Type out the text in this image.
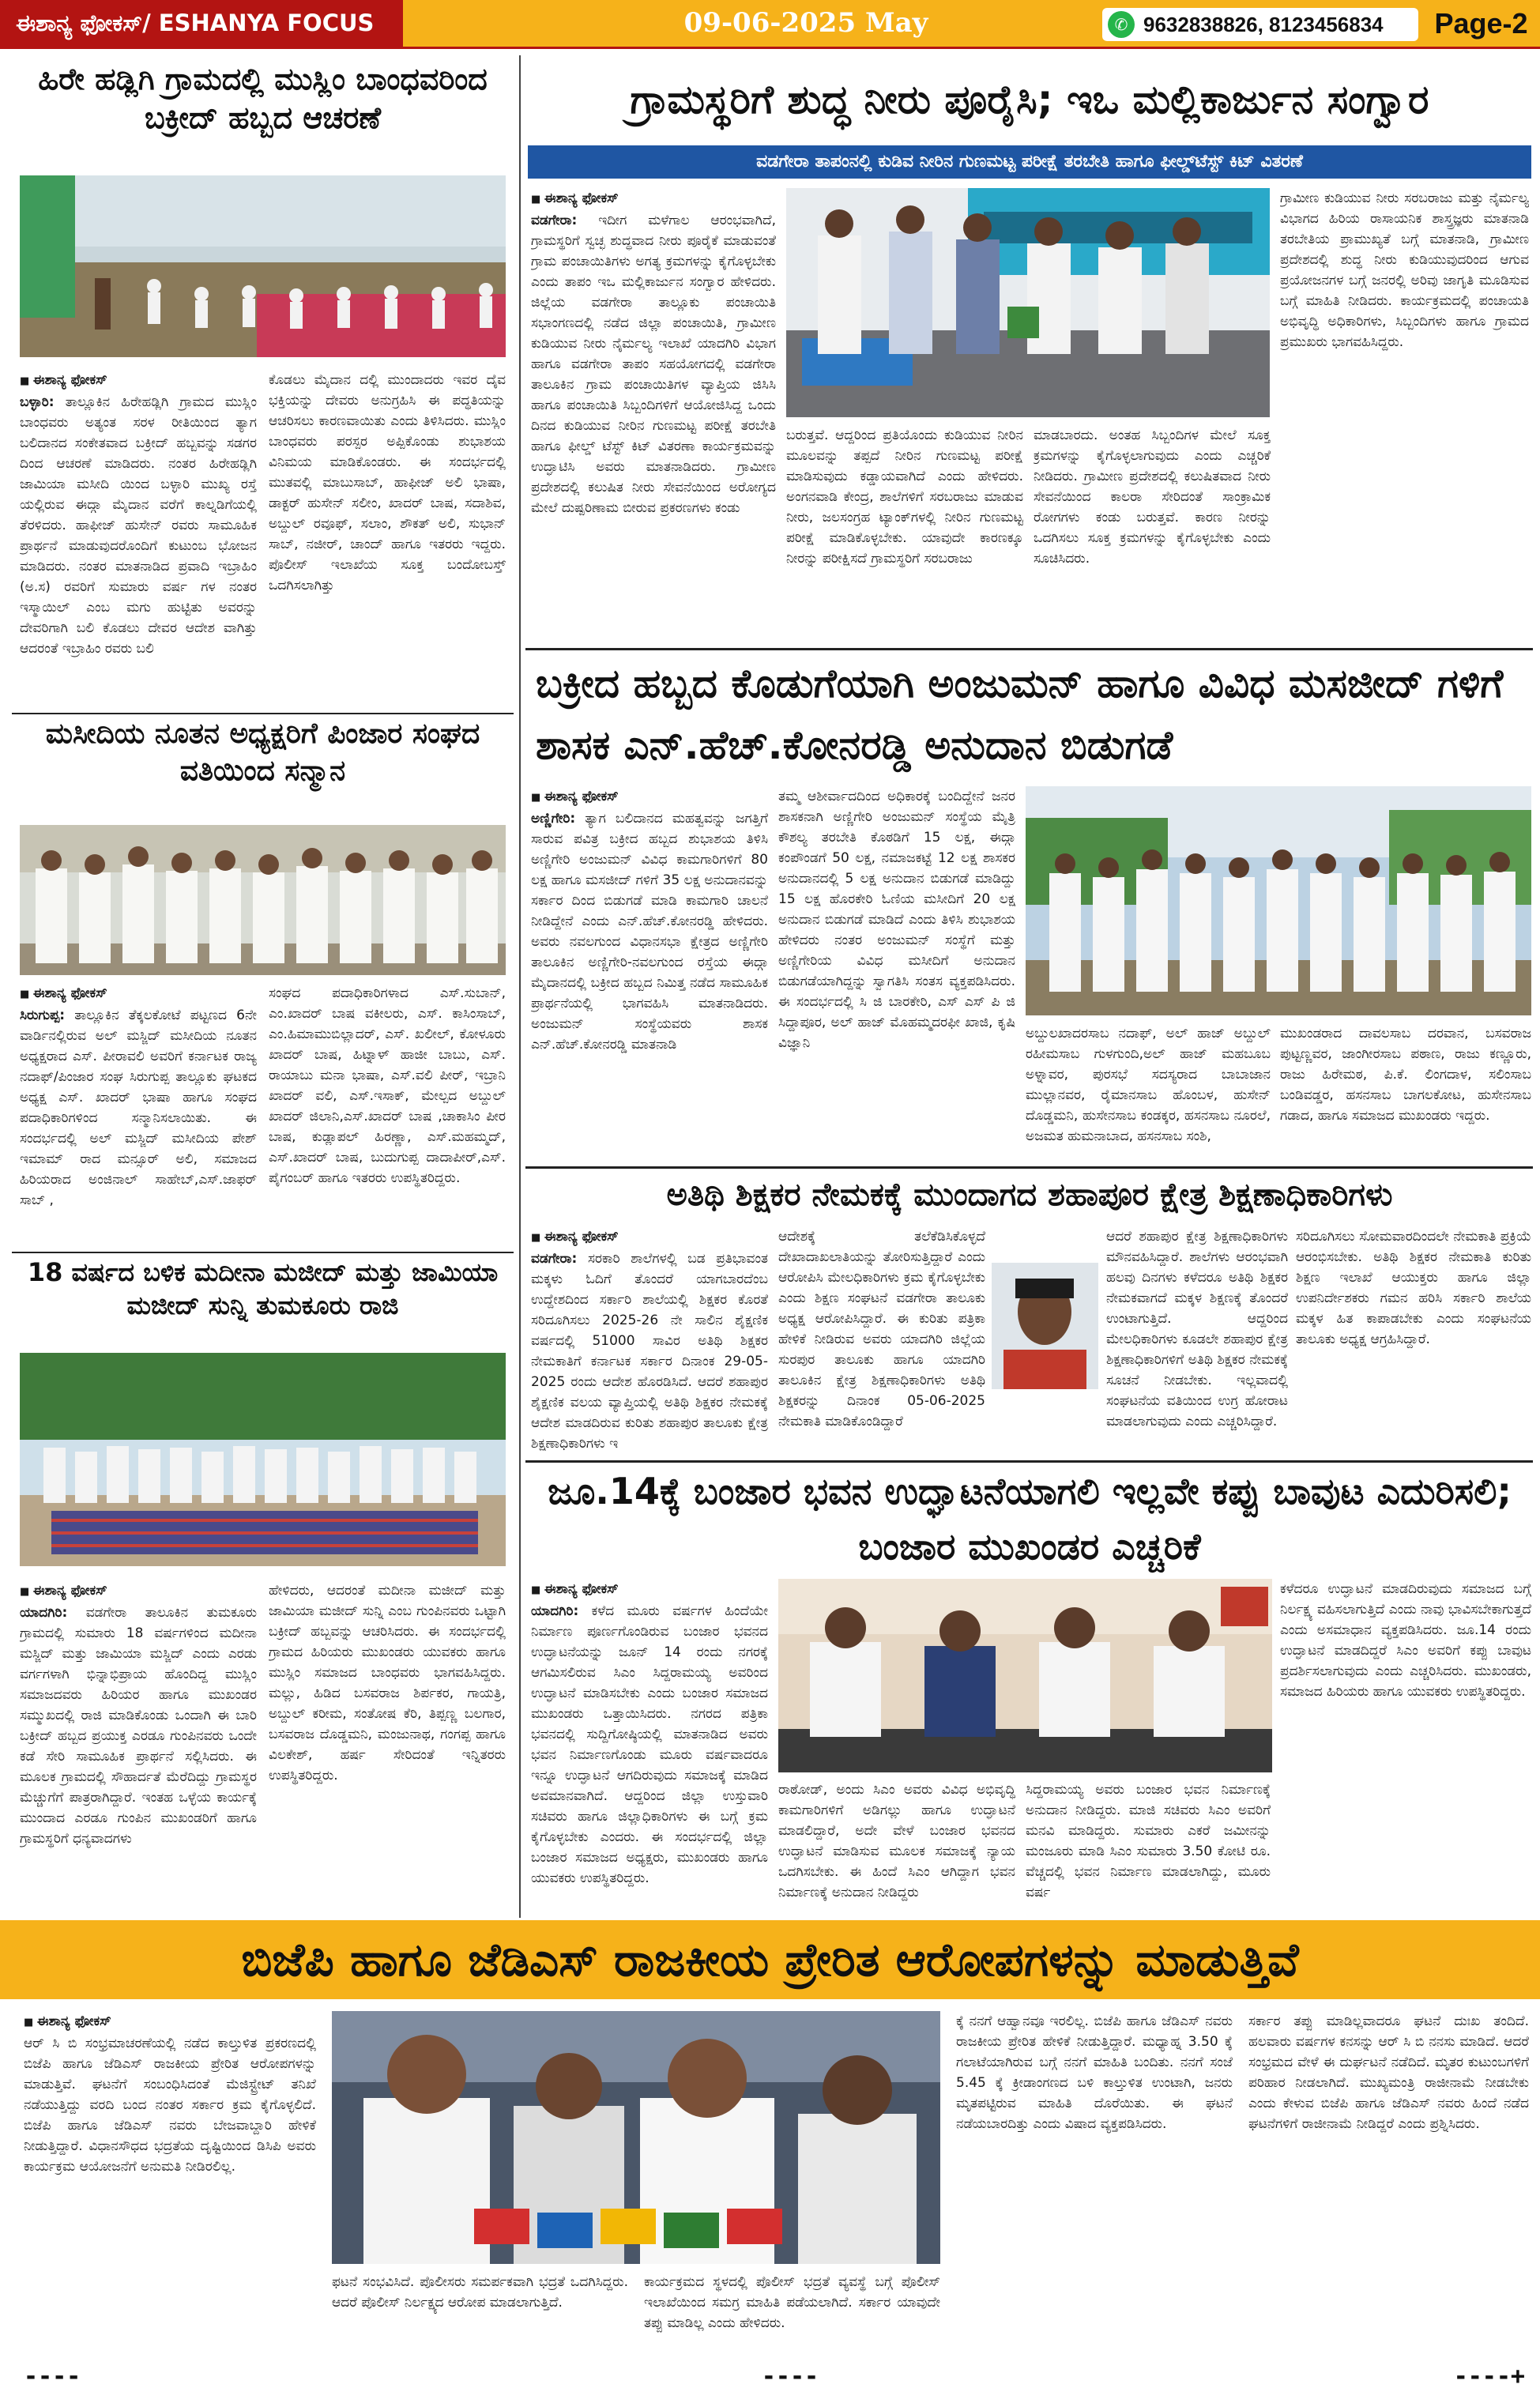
ಈಶಾನ್ಯ ಫೋಕಸ್/ ESHANYA FOCUS	09-06-2025 May	9632838826, 8123456834
✆	Page-2
ಹಿರೇ ಹಡ್ಲಿಗಿ ಗ್ರಾಮದಲ್ಲಿ ಮುಸ್ಲಿಂ ಬಾಂಧವರಿಂದ ಬಕ್ರೀದ್ ಹಬ್ಬದ ಆಚರಣೆ
■ ಈಶಾನ್ಯ ಫೋಕಸ್
ಬಳ್ಳಾರಿ: ತಾಲ್ಲೂಕಿನ ಹಿರೇಹಡ್ಲಿಗಿ ಗ್ರಾಮದ ಮುಸ್ಲಿಂ ಬಾಂಧವರು ಅತ್ಯಂತ ಸರಳ ರೀತಿಯಿಂದ ತ್ಯಾಗ ಬಲಿದಾನದ ಸಂಕೇತವಾದ ಬಕ್ರೀದ್ ಹಬ್ಬವನ್ನು ಸಡಗರ ದಿಂದ ಆಚರಣೆ ಮಾಡಿದರು. ನಂತರ ಹಿರೇಹಡ್ಲಿಗಿ ಜಾಮಿಯಾ ಮಸೀದಿ ಯಿಂದ ಬಳ್ಳಾರಿ ಮುಖ್ಯ ರಸ್ತೆ ಯಲ್ಲಿರುವ ಈದ್ಗಾ ಮೈದಾನ ವರೆಗೆ ಕಾಲ್ನಡಿಗೆಯಲ್ಲಿ ತೆರಳಿದರು. ಹಾಫೀಜ್ ಹುಸೇನ್ ರವರು ಸಾಮೂಹಿಕ ಪ್ರಾರ್ಥನೆ ಮಾಡುವುದರೊಂದಿಗೆ ಕುಟುಂಬ ಭೋಜನ ಮಾಡಿದರು. ನಂತರ ಮಾತನಾಡಿದ ಪ್ರವಾದಿ ಇಬ್ರಾಹಿಂ (ಅ.ಸ) ರವರಿಗೆ ಸುಮಾರು ವರ್ಷ ಗಳ ನಂತರ ಇಸ್ಮಾಯಿಲ್ ಎಂಬ ಮಗು ಹುಟ್ಟಿತು ಅವರನ್ನು ದೇವರಿಗಾಗಿ ಬಲಿ ಕೊಡಲು ದೇವರ ಆದೇಶ ವಾಗಿತ್ತು ಆದರಂತೆ ಇಬ್ರಾಹಿಂ ರವರು ಬಲಿ
ಕೊಡಲು ಮೈದಾನ ದಲ್ಲಿ ಮುಂದಾದರು ಇವರ ದೈವ ಭಕ್ತಿಯನ್ನು ದೇವರು ಅನುಗ್ರಹಿಸಿ ಈ ಪದ್ಧತಿಯನ್ನು ಆಚರಿಸಲು ಕಾರಣವಾಯಿತು ಎಂದು ತಿಳಿಸಿದರು. ಮುಸ್ಲಿಂ ಬಾಂಧವರು ಪರಸ್ಪರ ಅಪ್ಪಿಕೊಂಡು ಶುಭಾಶಯ ವಿನಿಮಯ ಮಾಡಿಕೊಂಡರು. ಈ ಸಂದರ್ಭದಲ್ಲಿ ಮುತವಲ್ಲಿ ಮಾಬುಸಾಬ್, ಹಾಫೀಜ್ ಅಲಿ ಭಾಷಾ, ಡಾಕ್ಟರ್ ಹುಸೇನ್ ಸಲೀಂ, ಖಾದರ್ ಬಾಷ, ಸದಾಶಿವ, ಅಬ್ದುಲ್ ರವೂಫ್, ಸಲಾಂ, ಶೌಕತ್ ಅಲಿ, ಸುಭಾನ್ ಸಾಬ್, ನಜೀರ್, ಚಾಂದ್ ಹಾಗೂ ಇತರರು ಇದ್ದರು. ಪೊಲೀಸ್ ಇಲಾಖೆಯ ಸೂಕ್ತ ಬಂದೋಬಸ್ತ್ ಒದಗಿಸಲಾಗಿತ್ತು
ಮಸೀದಿಯ ನೂತನ ಅಧ್ಯಕ್ಷರಿಗೆ ಪಿಂಜಾರ ಸಂಘದ ವತಿಯಿಂದ ಸನ್ಮಾನ
■ ಈಶಾನ್ಯ ಫೋಕಸ್
ಸಿರುಗುಪ್ಪ: ತಾಲ್ಲೂಕಿನ ತೆಕ್ಕಲಕೋಟೆ ಪಟ್ಟಣದ 6ನೇ ವಾರ್ಡಿನಲ್ಲಿರುವ ಅಲ್ ಮಸ್ಜಿದ್ ಮಸೀದಿಯ ನೂತನ ಅಧ್ಯಕ್ಷರಾದ ಎಸ್. ಪೀರಾವಲಿ ಅವರಿಗೆ ಕರ್ನಾಟಕ ರಾಜ್ಯ ನದಾಫ್/ಪಿಂಜಾರ ಸಂಘ ಸಿರುಗುಪ್ಪ ತಾಲ್ಲೂಕು ಘಟಕದ ಅಧ್ಯಕ್ಷ ಎಸ್. ಖಾದರ್ ಭಾಷಾ ಹಾಗೂ ಸಂಘದ ಪದಾಧಿಕಾರಿಗಳಿಂದ ಸನ್ಮಾನಿಸಲಾಯಿತು. ಈ ಸಂದರ್ಭದಲ್ಲಿ ಅಲ್ ಮಸ್ಜಿದ್ ಮಸೀದಿಯ ಪೇಶ್ ಇಮಾಮ್ ರಾದ ಮನ್ಸೂರ್ ಅಲಿ, ಸಮಾಜದ ಹಿರಿಯರಾದ ಅಂಜಿನಾಲ್ ಸಾಹೇಬ್,ಎಸ್.ಜಾಫರ್ ಸಾಬ್ ,
ಸಂಘದ ಪದಾಧಿಕಾರಿಗಳಾದ ಎಸ್.ಸುಬಾನ್, ಎಂ.ಖಾದರ್ ಬಾಷ ವಕೀಲರು, ಎಸ್. ಕಾಸಿಂಸಾಬ್, ಎಂ.ಹಿಮಾಮುಬಿಲ್ಲಾದರ್, ಎಸ್. ಖಲೀಲ್, ಕೋಳೂರು ಖಾದರ್ ಬಾಷ, ಹಿಟ್ನಾಳ್ ಹಾಜೀ ಬಾಬು, ಎಸ್. ರಾಯಾಬು ಮನಾ ಭಾಷಾ, ಎಸ್.ವಲಿ ಪೀರ್, ಇಬ್ರಾನಿ ಖಾದರ್ ವಲಿ, ಎಸ್.ಇಸಾಕ್, ಮೇಲ್ಪದ ಅಬ್ದುಲ್ ಖಾದರ್ ಜಿಲಾನಿ,ಎಸ್.ಖಾದರ್ ಬಾಷ ,ಚಾಕಾಸಿಂ ಪೀರ ಬಾಷ, ಕುಡ್ಲಾಪಲ್ ಹಿರಣ್ಣಾ, ಎಸ್.ಮಹಮ್ಮದ್, ಎಸ್.ಖಾದರ್ ಬಾಷ, ಬುದುಗುಪ್ಪ ದಾದಾಪೀರ್,ಎಸ್. ಪೈಗಂಬರ್ ಹಾಗೂ ಇತರರು ಉಪಸ್ಥಿತರಿದ್ದರು.
18 ವರ್ಷದ ಬಳಿಕ ಮದೀನಾ ಮಜೀದ್ ಮತ್ತು ಜಾಮಿಯಾ ಮಜೀದ್ ಸುನ್ನಿ ತುಮಕೂರು ರಾಜಿ
■ ಈಶಾನ್ಯ ಫೋಕಸ್
ಯಾದಗಿರಿ: ವಡಗೇರಾ ತಾಲೂಕಿನ ತುಮಕೂರು ಗ್ರಾಮದಲ್ಲಿ ಸುಮಾರು 18 ವರ್ಷಗಳಿಂದ ಮದೀನಾ ಮಸ್ಜಿದ್ ಮತ್ತು ಜಾಮಿಯಾ ಮಸ್ಜಿದ್ ಎಂದು ಎರಡು ವರ್ಗಗಳಾಗಿ ಭಿನ್ನಾಭಿಪ್ರಾಯ ಹೊಂದಿದ್ದ ಮುಸ್ಲಿಂ ಸಮಾಜದವರು ಹಿರಿಯರ ಹಾಗೂ ಮುಖಂಡರ ಸಮ್ಮುಖದಲ್ಲಿ ರಾಜಿ ಮಾಡಿಕೊಂಡು ಒಂದಾಗಿ ಈ ಬಾರಿ ಬಕ್ರೀದ್ ಹಬ್ಬದ ಪ್ರಯುಕ್ತ ಎರಡೂ ಗುಂಪಿನವರು ಒಂದೇ ಕಡೆ ಸೇರಿ ಸಾಮೂಹಿಕ ಪ್ರಾರ್ಥನೆ ಸಲ್ಲಿಸಿದರು. ಈ ಮೂಲಕ ಗ್ರಾಮದಲ್ಲಿ ಸೌಹಾರ್ದತೆ ಮೆರೆದಿದ್ದು ಗ್ರಾಮಸ್ಥರ ಮೆಚ್ಚುಗೆಗೆ ಪಾತ್ರರಾಗಿದ್ದಾರೆ. ಇಂತಹ ಒಳ್ಳೆಯ ಕಾರ್ಯಕ್ಕೆ ಮುಂದಾದ ಎರಡೂ ಗುಂಪಿನ ಮುಖಂಡರಿಗೆ ಹಾಗೂ ಗ್ರಾಮಸ್ಥರಿಗೆ ಧನ್ಯವಾದಗಳು
ಹೇಳಿದರು, ಆದರಂತೆ ಮದೀನಾ ಮಜೀದ್ ಮತ್ತು ಜಾಮಿಯಾ ಮಜೀದ್ ಸುನ್ನಿ ಎಂಬ ಗುಂಪಿನವರು ಒಟ್ಟಾಗಿ ಬಕ್ರೀದ್ ಹಬ್ಬವನ್ನು ಆಚರಿಸಿದರು. ಈ ಸಂದರ್ಭದಲ್ಲಿ ಗ್ರಾಮದ ಹಿರಿಯರು ಮುಖಂಡರು ಯುವಕರು ಹಾಗೂ ಮುಸ್ಲಿಂ ಸಮಾಜದ ಬಾಂಧವರು ಭಾಗವಹಿಸಿದ್ದರು. ಮಲ್ಲು, ಹಿಡಿದ ಬಸವರಾಜ ಶಿರ್ಪಕರ, ಗಾಯತ್ರಿ, ಅಬ್ದುಲ್ ಕರೀಮ, ಸಂತೋಷ ಕೆರಿ, ತಿಪ್ಪಣ್ಣ ಬಲಗಾರ, ಬಸವರಾಜ ದೊಡ್ಡಮನಿ, ಮಂಜುನಾಥ, ಗಂಗಪ್ಪ ಹಾಗೂ ವಿಲಕೇಶ್, ಹರ್ಷ ಸೇರಿದಂತೆ ಇನ್ನಿತರರು ಉಪಸ್ಥಿತರಿದ್ದರು.
ಗ್ರಾಮಸ್ಥರಿಗೆ ಶುದ್ಧ ನೀರು ಪೂರೈಸಿ; ಇಒ ಮಲ್ಲಿಕಾರ್ಜುನ ಸಂಗ್ವಾರ
ವಡಗೇರಾ ತಾಪಂನಲ್ಲಿ ಕುಡಿವ ನೀರಿನ ಗುಣಮಟ್ಟ ಪರೀಕ್ಷೆ ತರಬೇತಿ ಹಾಗೂ ಫೀಲ್ಡ್‌ಟೆಸ್ಟ್ ಕಿಟ್ ವಿತರಣೆ
■ ಈಶಾನ್ಯ ಫೋಕಸ್
ವಡಗೇರಾ: ಇದೀಗ ಮಳೆಗಾಲ ಆರಂಭವಾಗಿದೆ, ಗ್ರಾಮಸ್ಥರಿಗೆ ಸ್ವಚ್ಛ ಶುದ್ಧವಾದ ನೀರು ಪೂರೈಕೆ ಮಾಡುವಂತೆ ಗ್ರಾಮ ಪಂಚಾಯಿತಿಗಳು ಅಗತ್ಯ ಕ್ರಮಗಳನ್ನು ಕೈಗೊಳ್ಳಬೇಕು ಎಂದು ತಾಪಂ ಇಒ ಮಲ್ಲಿಕಾರ್ಜುನ ಸಂಗ್ವಾರ ಹೇಳಿದರು. ಜಿಲ್ಲೆಯ ವಡಗೇರಾ ತಾಲ್ಲೂಕು ಪಂಚಾಯಿತಿ ಸಭಾಂಗಣದಲ್ಲಿ ನಡೆದ ಜಿಲ್ಲಾ ಪಂಚಾಯಿತಿ, ಗ್ರಾಮೀಣ ಕುಡಿಯುವ ನೀರು ನೈರ್ಮಲ್ಯ ಇಲಾಖೆ ಯಾದಗಿರಿ ವಿಭಾಗ ಹಾಗೂ ವಡಗೇರಾ ತಾಪಂ ಸಹಯೋಗದಲ್ಲಿ ವಡಗೇರಾ ತಾಲೂಕಿನ ಗ್ರಾಮ ಪಂಚಾಯಿತಿಗಳ ವ್ಯಾಪ್ತಿಯ ಜಿಸಿಸಿ ಹಾಗೂ ಪಂಚಾಯಿತಿ ಸಿಬ್ಬಂದಿಗಳಿಗೆ ಆಯೋಜಿಸಿದ್ದ ಒಂದು ದಿನದ ಕುಡಿಯುವ ನೀರಿನ ಗುಣಮಟ್ಟ ಪರೀಕ್ಷೆ ತರಬೇತಿ ಹಾಗೂ ಫೀಲ್ಡ್ ಟೆಸ್ಟ್ ಕಿಟ್ ವಿತರಣಾ ಕಾರ್ಯಕ್ರಮವನ್ನು ಉದ್ಘಾಟಿಸಿ ಅವರು ಮಾತನಾಡಿದರು. ಗ್ರಾಮೀಣ ಪ್ರದೇಶದಲ್ಲಿ ಕಲುಷಿತ ನೀರು ಸೇವನೆಯಿಂದ ಅರೋಗ್ಯದ ಮೇಲೆ ದುಷ್ಪರಿಣಾಮ ಬೀರುವ ಪ್ರಕರಣಗಳು ಕಂಡು
ಬರುತ್ತವೆ. ಆದ್ದರಿಂದ ಪ್ರತಿಯೊಂದು ಕುಡಿಯುವ ನೀರಿನ ಮೂಲವನ್ನು ತಪ್ಪದೆ ನೀರಿನ ಗುಣಮಟ್ಟ ಪರೀಕ್ಷೆ ಮಾಡಿಸುವುದು ಕಡ್ಡಾಯವಾಗಿದೆ ಎಂದು ಹೇಳಿದರು. ಅಂಗನವಾಡಿ ಕೇಂದ್ರ, ಶಾಲೆಗಳಿಗೆ ಸರಬರಾಜು ಮಾಡುವ ನೀರು, ಜಲಸಂಗ್ರಹ ಟ್ಯಾಂಕ್‌ಗಳಲ್ಲಿ ನೀರಿನ ಗುಣಮಟ್ಟ ಪರೀಕ್ಷೆ ಮಾಡಿಕೊಳ್ಳಬೇಕು. ಯಾವುದೇ ಕಾರಣಕ್ಕೂ ನೀರನ್ನು ಪರೀಕ್ಷಿಸದೆ ಗ್ರಾಮಸ್ಥರಿಗೆ ಸರಬರಾಜು
ಮಾಡಬಾರದು. ಅಂತಹ ಸಿಬ್ಬಂದಿಗಳ ಮೇಲೆ ಸೂಕ್ತ ಕ್ರಮಗಳನ್ನು ಕೈಗೊಳ್ಳಲಾಗುವುದು ಎಂದು ಎಚ್ಚರಿಕೆ ನೀಡಿದರು. ಗ್ರಾಮೀಣ ಪ್ರದೇಶದಲ್ಲಿ ಕಲುಷಿತವಾದ ನೀರು ಸೇವನೆಯಿಂದ ಕಾಲರಾ ಸೇರಿದಂತೆ ಸಾಂಕ್ರಾಮಿಕ ರೋಗಗಳು ಕಂಡು ಬರುತ್ತವೆ. ಕಾರಣ ನೀರನ್ನು ಒದಗಿಸಲು ಸೂಕ್ತ ಕ್ರಮಗಳನ್ನು ಕೈಗೊಳ್ಳಬೇಕು ಎಂದು ಸೂಚಿಸಿದರು.
ಗ್ರಾಮೀಣ ಕುಡಿಯುವ ನೀರು ಸರಬರಾಜು ಮತ್ತು ನೈರ್ಮಲ್ಯ ವಿಭಾಗದ ಹಿರಿಯ ರಾಸಾಯನಿಕ ಶಾಸ್ತ್ರಜ್ಞರು ಮಾತನಾಡಿ ತರಬೇತಿಯ ಪ್ರಾಮುಖ್ಯತೆ ಬಗ್ಗೆ ಮಾತನಾಡಿ, ಗ್ರಾಮೀಣ ಪ್ರದೇಶದಲ್ಲಿ ಶುದ್ಧ ನೀರು ಕುಡಿಯುವುದರಿಂದ ಆಗುವ ಪ್ರಯೋಜನಗಳ ಬಗ್ಗೆ ಜನರಲ್ಲಿ ಅರಿವು ಜಾಗೃತಿ ಮೂಡಿಸುವ ಬಗ್ಗೆ ಮಾಹಿತಿ ನೀಡಿದರು. ಕಾರ್ಯಕ್ರಮದಲ್ಲಿ ಪಂಚಾಯತಿ ಅಭಿವೃದ್ಧಿ ಅಧಿಕಾರಿಗಳು, ಸಿಬ್ಬಂದಿಗಳು ಹಾಗೂ ಗ್ರಾಮದ ಪ್ರಮುಖರು ಭಾಗವಹಿಸಿದ್ದರು.
ಬಕ್ರೀದ ಹಬ್ಬದ ಕೊಡುಗೆಯಾಗಿ ಅಂಜುಮನ್ ಹಾಗೂ ವಿವಿಧ ಮಸಜೀದ್ ಗಳಿಗೆ ಶಾಸಕ ಎನ್.ಹೆಚ್.ಕೋನರಡ್ಡಿ ಅನುದಾನ ಬಿಡುಗಡೆ
■ ಈಶಾನ್ಯ ಫೋಕಸ್
ಅಣ್ಣಿಗೇರಿ: ತ್ಯಾಗ ಬಲಿದಾನದ ಮಹತ್ವವನ್ನು ಜಗತ್ತಿಗೆ ಸಾರುವ ಪವಿತ್ರ ಬಕ್ರೀದ ಹಬ್ಬದ ಶುಭಾಶಯ ತಿಳಿಸಿ ಅಣ್ಣಿಗೇರಿ ಅಂಜುಮನ್ ವಿವಿಧ ಕಾಮಗಾರಿಗಳಿಗೆ 80 ಲಕ್ಷ ಹಾಗೂ ಮಸಜೀದ್ ಗಳಿಗೆ 35 ಲಕ್ಷ ಅನುದಾನವನ್ನು ಸರ್ಕಾರ ದಿಂದ ಬಿಡುಗಡೆ ಮಾಡಿ ಕಾಮಗಾರಿ ಚಾಲನೆ ನೀಡಿದ್ದೇನೆ ಎಂದು ಎನ್.ಹೆಚ್.ಕೋನರಡ್ಡಿ ಹೇಳಿದರು. ಅವರು ನವಲಗುಂದ ವಿಧಾನಸಭಾ ಕ್ಷೇತ್ರದ ಅಣ್ಣಿಗೇರಿ ತಾಲೂಕಿನ ಅಣ್ಣಿಗೇರಿ-ನವಲಗುಂದ ರಸ್ತೆಯ ಈದ್ಗಾ ಮೈದಾನದಲ್ಲಿ ಬಕ್ರೀದ ಹಬ್ಬದ ನಿಮಿತ್ತ ನಡೆದ ಸಾಮೂಹಿಕ ಪ್ರಾರ್ಥನೆಯಲ್ಲಿ ಭಾಗವಹಿಸಿ ಮಾತನಾಡಿದರು. ಅಂಜುಮನ್ ಸಂಸ್ಥೆಯವರು ಶಾಸಕ ಎನ್.ಹೆಚ್.ಕೋನರಡ್ಡಿ ಮಾತನಾಡಿ
ತಮ್ಮ ಆಶೀರ್ವಾದದಿಂದ ಅಧಿಕಾರಕ್ಕೆ ಬಂದಿದ್ದೇನೆ ಜನರ ಶಾಸಕನಾಗಿ ಅಣ್ಣಿಗೇರಿ ಅಂಜುಮನ್ ಸಂಸ್ಥೆಯ ಮೈತ್ರಿ ಕೌಶಲ್ಯ ತರಬೇತಿ ಕೊಠಡಿಗೆ 15 ಲಕ್ಷ, ಈದ್ಗಾ ಕಂಪೌಂಡಗೆ 50 ಲಕ್ಷ, ನಮಾಜಕಟ್ಟೆ 12 ಲಕ್ಷ ಶಾಸಕರ ಅನುದಾನದಲ್ಲಿ 5 ಲಕ್ಷ ಅನುದಾನ ಬಿಡುಗಡೆ ಮಾಡಿದ್ದು 15 ಲಕ್ಷ ಹೊರಕೇರಿ ಓಣಿಯ ಮಸೀದಿಗೆ 20 ಲಕ್ಷ ಅನುದಾನ ಬಿಡುಗಡೆ ಮಾಡಿದೆ ಎಂದು ತಿಳಿಸಿ ಶುಭಾಶಯ ಹೇಳಿದರು ನಂತರ ಅಂಜುಮನ್ ಸಂಸ್ಥೆಗೆ ಮತ್ತು ಅಣ್ಣಿಗೇರಿಯ ವಿವಿಧ ಮಸೀದಿಗೆ ಅನುದಾನ ಬಿಡುಗಡೆಯಾಗಿದ್ದನ್ನು ಸ್ವಾಗತಿಸಿ ಸಂತಸ ವ್ಯಕ್ತಪಡಿಸಿದರು. ಈ ಸಂದರ್ಭದಲ್ಲಿ ಸಿ ಜಿ ಬಾರಕೇರಿ, ಎಸ್ ಎಸ್ ಪಿ ಜಿ ಸಿದ್ದಾಪೂರ, ಅಲ್ ಹಾಜ್ ಮೊಹಮ್ಮದರಫೀ ಖಾಜಿ, ಕೃಷಿ ವಿಜ್ಞಾನಿ
ಅಬ್ದುಲಖಾದರಸಾಬ ನದಾಫ್, ಅಲ್ ಹಾಜ್ ಅಬ್ದುಲ್ ರಹೀಮಸಾಬ ಗುಳಗುಂದಿ,ಅಲ್ ಹಾಜ್ ಮಹಬೂಬ ಅಳ್ನಾವರ, ಪುರಸಭೆ ಸದಸ್ಯರಾದ ಬಾಬಾಜಾನ ಮುಲ್ಲಾನವರ, ರೈಮಾನಸಾಬ ಹೊಂಬಳ, ಹುಸೇನ್ ದೊಡ್ಡಮನಿ, ಹುಸೇನಸಾಬ ಕಂಡಕ್ಕರ, ಹಸನಸಾಬ ನೂರಲೆ, ಅಜಮತ ಹುಮನಾಬಾದ, ಹಸನಸಾಬ ಸಂಶಿ,
ಮುಖಂಡರಾದ ದಾವಲಸಾಬ ದರವಾನ, ಬಸವರಾಜ ಪುಟ್ಟಣ್ಣವರ, ಜಾಂಗೀರಸಾಬ ಪಠಾಣ, ರಾಜು ಕಣ್ಣೂರು, ರಾಜು ಹಿರೇಮಠ, ಪಿ.ಕೆ. ಲಿಂಗದಾಳ, ಸಲಿಂಸಾಬ ಬಂಡಿವಡ್ಡರ, ಹಸನಸಾಬ ಬಾಗಲಕೋಟ, ಹುಸೇನಸಾಬ ಗಡಾದ, ಹಾಗೂ ಸಮಾಜದ ಮುಖಂಡರು ಇದ್ದರು.
ಅತಿಥಿ ಶಿಕ್ಷಕರ ನೇಮಕಕ್ಕೆ ಮುಂದಾಗದ ಶಹಾಪೂರ ಕ್ಷೇತ್ರ ಶಿಕ್ಷಣಾಧಿಕಾರಿಗಳು
■ ಈಶಾನ್ಯ ಫೋಕಸ್
ವಡಗೇರಾ: ಸರಕಾರಿ ಶಾಲೆಗಳಲ್ಲಿ ಬಡ ಪ್ರತಿಭಾವಂತ ಮಕ್ಕಳು ಓದಿಗೆ ತೊಂದರೆ ಯಾಗಬಾರದೆಂಬ ಉದ್ದೇಶದಿಂದ ಸರ್ಕಾರಿ ಶಾಲೆಯಲ್ಲಿ ಶಿಕ್ಷಕರ ಕೊರತೆ ಸರಿದೂಗಿಸಲು 2025-26 ನೇ ಸಾಲಿನ ಶೈಕ್ಷಣಿಕ ವರ್ಷದಲ್ಲಿ 51000 ಸಾವಿರ ಅತಿಥಿ ಶಿಕ್ಷಕರ ನೇಮಕಾತಿಗೆ ಕರ್ನಾಟಕ ಸರ್ಕಾರ ದಿನಾಂಕ 29-05-2025 ರಂದು ಆದೇಶ ಹೊರಡಿಸಿದೆ. ಆದರೆ ಶಹಾಪುರ ಶೈಕ್ಷಣಿಕ ವಲಯ ವ್ಯಾಪ್ತಿಯಲ್ಲಿ ಅತಿಥಿ ಶಿಕ್ಷಕರ ನೇಮಕಕ್ಕೆ ಆದೇಶ ಮಾಡದಿರುವ ಕುರಿತು ಶಹಾಪುರ ತಾಲೂಕು ಕ್ಷೇತ್ರ ಶಿಕ್ಷಣಾಧಿಕಾರಿಗಳು ಇ
ಆದೇಶಕ್ಕೆ ತಲೆಕೆಡಿಸಿಕೊಳ್ಳದೆ ದೇಖಾದಾಖಲಾತಿಯನ್ನು ತೋರಿಸುತ್ತಿದ್ದಾರೆ ಎಂದು ಆರೋಪಿಸಿ ಮೇಲಧಿಕಾರಿಗಳು ಕ್ರಮ ಕೈಗೊಳ್ಳಬೇಕು ಎಂದು ಶಿಕ್ಷಣ ಸಂಘಟನೆ ವಡಗೇರಾ ತಾಲೂಕು ಅಧ್ಯಕ್ಷ ಆರೋಪಿಸಿದ್ದಾರೆ. ಈ ಕುರಿತು ಪತ್ರಿಕಾ ಹೇಳಿಕೆ ನೀಡಿರುವ ಅವರು ಯಾದಗಿರಿ ಜಿಲ್ಲೆಯ ಸುರಪುರ ತಾಲೂಕು ಹಾಗೂ ಯಾದಗಿರಿ ತಾಲೂಕಿನ ಕ್ಷೇತ್ರ ಶಿಕ್ಷಣಾಧಿಕಾರಿಗಳು ಅತಿಥಿ ಶಿಕ್ಷಕರನ್ನು ದಿನಾಂಕ 05-06-2025 ನೇಮಕಾತಿ ಮಾಡಿಕೊಂಡಿದ್ದಾರೆ
ಆದರೆ ಶಹಾಪುರ ಕ್ಷೇತ್ರ ಶಿಕ್ಷಣಾಧಿಕಾರಿಗಳು ಮೌನವಹಿಸಿದ್ದಾರೆ. ಶಾಲೆಗಳು ಆರಂಭವಾಗಿ ಹಲವು ದಿನಗಳು ಕಳೆದರೂ ಅತಿಥಿ ಶಿಕ್ಷಕರ ನೇಮಕವಾಗದೆ ಮಕ್ಕಳ ಶಿಕ್ಷಣಕ್ಕೆ ತೊಂದರೆ ಉಂಟಾಗುತ್ತಿದೆ. ಆದ್ದರಿಂದ ಮೇಲಧಿಕಾರಿಗಳು ಕೂಡಲೇ ಶಹಾಪುರ ಕ್ಷೇತ್ರ ಶಿಕ್ಷಣಾಧಿಕಾರಿಗಳಿಗೆ ಅತಿಥಿ ಶಿಕ್ಷಕರ ನೇಮಕಕ್ಕೆ ಸೂಚನೆ ನೀಡಬೇಕು. ಇಲ್ಲವಾದಲ್ಲಿ ಸಂಘಟನೆಯ ವತಿಯಿಂದ ಉಗ್ರ ಹೋರಾಟ ಮಾಡಲಾಗುವುದು ಎಂದು ಎಚ್ಚರಿಸಿದ್ದಾರೆ.
ಸರಿದೂಗಿಸಲು ಸೋಮವಾರದಿಂದಲೇ ನೇಮಕಾತಿ ಪ್ರಕ್ರಿಯೆ ಆರಂಭಿಸಬೇಕು. ಅತಿಥಿ ಶಿಕ್ಷಕರ ನೇಮಕಾತಿ ಕುರಿತು ಶಿಕ್ಷಣ ಇಲಾಖೆ ಆಯುಕ್ತರು ಹಾಗೂ ಜಿಲ್ಲಾ ಉಪನಿರ್ದೇಶಕರು ಗಮನ ಹರಿಸಿ ಸರ್ಕಾರಿ ಶಾಲೆಯ ಮಕ್ಕಳ ಹಿತ ಕಾಪಾಡಬೇಕು ಎಂದು ಸಂಘಟನೆಯ ತಾಲೂಕು ಅಧ್ಯಕ್ಷ ಆಗ್ರಹಿಸಿದ್ದಾರೆ.
ಜೂ.14ಕ್ಕೆ ಬಂಜಾರ ಭವನ ಉದ್ಘಾಟನೆಯಾಗಲಿ ಇಲ್ಲವೇ ಕಪ್ಪು ಬಾವುಟ ಎದುರಿಸಲಿ; ಬಂಜಾರ ಮುಖಂಡರ ಎಚ್ಚರಿಕೆ
■ ಈಶಾನ್ಯ ಫೋಕಸ್
ಯಾದಗಿರಿ: ಕಳೆದ ಮೂರು ವರ್ಷಗಳ ಹಿಂದೆಯೇ ನಿರ್ಮಾಣ ಪೂರ್ಣಗೊಂಡಿರುವ ಬಂಜಾರ ಭವನದ ಉದ್ಘಾಟನೆಯನ್ನು ಜೂನ್ 14 ರಂದು ನಗರಕ್ಕೆ ಆಗಮಿಸಲಿರುವ ಸಿಎಂ ಸಿದ್ದರಾಮಯ್ಯ ಅವರಿಂದ ಉದ್ಘಾಟನೆ ಮಾಡಿಸಬೇಕು ಎಂದು ಬಂಜಾರ ಸಮಾಜದ ಮುಖಂಡರು ಒತ್ತಾಯಿಸಿದರು. ನಗರದ ಪತ್ರಿಕಾ ಭವನದಲ್ಲಿ ಸುದ್ದಿಗೋಷ್ಠಿಯಲ್ಲಿ ಮಾತನಾಡಿದ ಅವರು ಭವನ ನಿರ್ಮಾಣಗೊಂಡು ಮೂರು ವರ್ಷವಾದರೂ ಇನ್ನೂ ಉದ್ಘಾಟನೆ ಆಗದಿರುವುದು ಸಮಾಜಕ್ಕೆ ಮಾಡಿದ ಅವಮಾನವಾಗಿದೆ. ಆದ್ದರಿಂದ ಜಿಲ್ಲಾ ಉಸ್ತುವಾರಿ ಸಚಿವರು ಹಾಗೂ ಜಿಲ್ಲಾಧಿಕಾರಿಗಳು ಈ ಬಗ್ಗೆ ಕ್ರಮ ಕೈಗೊಳ್ಳಬೇಕು ಎಂದರು. ಈ ಸಂದರ್ಭದಲ್ಲಿ ಜಿಲ್ಲಾ ಬಂಜಾರ ಸಮಾಜದ ಅಧ್ಯಕ್ಷರು, ಮುಖಂಡರು ಹಾಗೂ ಯುವಕರು ಉಪಸ್ಥಿತರಿದ್ದರು.
ರಾಠೋಡ್, ಅಂದು ಸಿಎಂ ಅವರು ವಿವಿಧ ಅಭಿವೃದ್ಧಿ ಕಾಮಗಾರಿಗಳಿಗೆ ಅಡಿಗಲ್ಲು ಹಾಗೂ ಉದ್ಘಾಟನೆ ಮಾಡಲಿದ್ದಾರೆ, ಅದೇ ವೇಳೆ ಬಂಜಾರ ಭವನದ ಉದ್ಘಾಟನೆ ಮಾಡಿಸುವ ಮೂಲಕ ಸಮಾಜಕ್ಕೆ ನ್ಯಾಯ ಒದಗಿಸಬೇಕು. ಈ ಹಿಂದೆ ಸಿಎಂ ಆಗಿದ್ದಾಗ ಭವನ ನಿರ್ಮಾಣಕ್ಕೆ ಅನುದಾನ ನೀಡಿದ್ದರು
ಸಿದ್ದರಾಮಯ್ಯ ಅವರು ಬಂಜಾರ ಭವನ ನಿರ್ಮಾಣಕ್ಕೆ ಅನುದಾನ ನೀಡಿದ್ದರು. ಮಾಜಿ ಸಚಿವರು ಸಿಎಂ ಅವರಿಗೆ ಮನವಿ ಮಾಡಿದ್ದರು. ಸುಮಾರು ಎಕರೆ ಜಮೀನನ್ನು ಮಂಜೂರು ಮಾಡಿ ಸಿಎಂ ಸುಮಾರು 3.50 ಕೋಟಿ ರೂ. ವೆಚ್ಚದಲ್ಲಿ ಭವನ ನಿರ್ಮಾಣ ಮಾಡಲಾಗಿದ್ದು, ಮೂರು ವರ್ಷ
ಕಳೆದರೂ ಉದ್ಘಾಟನೆ ಮಾಡದಿರುವುದು ಸಮಾಜದ ಬಗ್ಗೆ ನಿರ್ಲಕ್ಷ್ಯ ವಹಿಸಲಾಗುತ್ತಿದೆ ಎಂದು ನಾವು ಭಾವಿಸಬೇಕಾಗುತ್ತದೆ ಎಂದು ಅಸಮಾಧಾನ ವ್ಯಕ್ತಪಡಿಸಿದರು. ಜೂ.14 ರಂದು ಉದ್ಘಾಟನೆ ಮಾಡದಿದ್ದರೆ ಸಿಎಂ ಅವರಿಗೆ ಕಪ್ಪು ಬಾವುಟ ಪ್ರದರ್ಶಿಸಲಾಗುವುದು ಎಂದು ಎಚ್ಚರಿಸಿದರು. ಮುಖಂಡರು, ಸಮಾಜದ ಹಿರಿಯರು ಹಾಗೂ ಯುವಕರು ಉಪಸ್ಥಿತರಿದ್ದರು.
ಬಿಜೆಪಿ ಹಾಗೂ ಜೆಡಿಎಸ್ ರಾಜಕೀಯ ಪ್ರೇರಿತ ಆರೋಪಗಳನ್ನು ಮಾಡುತ್ತಿವೆ
■ ಈಶಾನ್ಯ ಫೋಕಸ್
ಆರ್ ಸಿ ಬಿ ಸಂಭ್ರಮಾಚರಣೆಯಲ್ಲಿ ನಡೆದ ಕಾಲ್ತುಳಿತ ಪ್ರಕರಣದಲ್ಲಿ ಬಿಜೆಪಿ ಹಾಗೂ ಜೆಡಿಎಸ್ ರಾಜಕೀಯ ಪ್ರೇರಿತ ಆರೋಪಗಳನ್ನು ಮಾಡುತ್ತಿವೆ. ಘಟನೆಗೆ ಸಂಬಂಧಿಸಿದಂತೆ ಮೆಜಿಸ್ಟ್ರೇಟ್ ತನಿಖೆ ನಡೆಯುತ್ತಿದ್ದು ವರದಿ ಬಂದ ನಂತರ ಸರ್ಕಾರ ಕ್ರಮ ಕೈಗೊಳ್ಳಲಿದೆ. ಬಿಜೆಪಿ ಹಾಗೂ ಜೆಡಿಎಸ್ ನವರು ಬೇಜವಾಬ್ದಾರಿ ಹೇಳಿಕೆ ನೀಡುತ್ತಿದ್ದಾರೆ. ವಿಧಾನಸೌಧದ ಭದ್ರತೆಯ ದೃಷ್ಟಿಯಿಂದ ಡಿಸಿಪಿ ಅವರು ಕಾರ್ಯಕ್ರಮ ಆಯೋಜನೆಗೆ ಅನುಮತಿ ನೀಡಿರಲಿಲ್ಲ.
ಫಟನೆ ಸಂಭವಿಸಿದೆ. ಪೊಲೀಸರು ಸಮರ್ಪಕವಾಗಿ ಭದ್ರತೆ ಒದಗಿಸಿದ್ದರು. ಆದರೆ ಪೊಲೀಸ್ ನಿರ್ಲಕ್ಷ್ಯದ ಆರೋಪ ಮಾಡಲಾಗುತ್ತಿದೆ.
ಕಾರ್ಯಕ್ರಮದ ಸ್ಥಳದಲ್ಲಿ ಪೊಲೀಸ್ ಭದ್ರತೆ ವ್ಯವಸ್ಥೆ ಬಗ್ಗೆ ಪೊಲೀಸ್ ಇಲಾಖೆಯಿಂದ ಸಮಗ್ರ ಮಾಹಿತಿ ಪಡೆಯಲಾಗಿದೆ. ಸರ್ಕಾರ ಯಾವುದೇ ತಪ್ಪು ಮಾಡಿಲ್ಲ ಎಂದು ಹೇಳಿದರು.
ಕ್ಕೆ ನನಗೆ ಆಹ್ವಾನವೂ ಇರಲಿಲ್ಲ. ಬಿಜೆಪಿ ಹಾಗೂ ಜೆಡಿಎಸ್ ನವರು ರಾಜಕೀಯ ಪ್ರೇರಿತ ಹೇಳಿಕೆ ನೀಡುತ್ತಿದ್ದಾರೆ. ಮಧ್ಯಾಹ್ನ 3.50 ಕ್ಕೆ ಗಲಾಟೆಯಾಗಿರುವ ಬಗ್ಗೆ ನನಗೆ ಮಾಹಿತಿ ಬಂದಿತು. ನನಗೆ ಸಂಜೆ 5.45 ಕ್ಕೆ ಕ್ರೀಡಾಂಗಣದ ಬಳಿ ಕಾಲ್ತುಳಿತ ಉಂಟಾಗಿ, ಜನರು ಮೃತಪಟ್ಟಿರುವ ಮಾಹಿತಿ ದೊರೆಯಿತು. ಈ ಘಟನೆ ನಡೆಯಬಾರದಿತ್ತು ಎಂದು ವಿಷಾದ ವ್ಯಕ್ತಪಡಿಸಿದರು.
ಸರ್ಕಾರ ತಪ್ಪು ಮಾಡಿಲ್ಲವಾದರೂ ಘಟನೆ ದುಃಖ ತಂದಿದೆ. ಹಲವಾರು ವರ್ಷಗಳ ಕನಸನ್ನು ಆರ್ ಸಿ ಬಿ ನನಸು ಮಾಡಿದೆ. ಆದರೆ ಸಂಭ್ರಮದ ವೇಳೆ ಈ ದುರ್ಘಟನೆ ನಡೆದಿದೆ. ಮೃತರ ಕುಟುಂಬಗಳಿಗೆ ಪರಿಹಾರ ನೀಡಲಾಗಿದೆ. ಮುಖ್ಯಮಂತ್ರಿ ರಾಜೀನಾಮೆ ನೀಡಬೇಕು ಎಂದು ಕೇಳುವ ಬಿಜೆಪಿ ಹಾಗೂ ಜೆಡಿಎಸ್ ನವರು ಹಿಂದೆ ನಡೆದ ಘಟನೆಗಳಿಗೆ ರಾಜೀನಾಮೆ ನೀಡಿದ್ದರೆ ಎಂದು ಪ್ರಶ್ನಿಸಿದರು.
----	----	----+
